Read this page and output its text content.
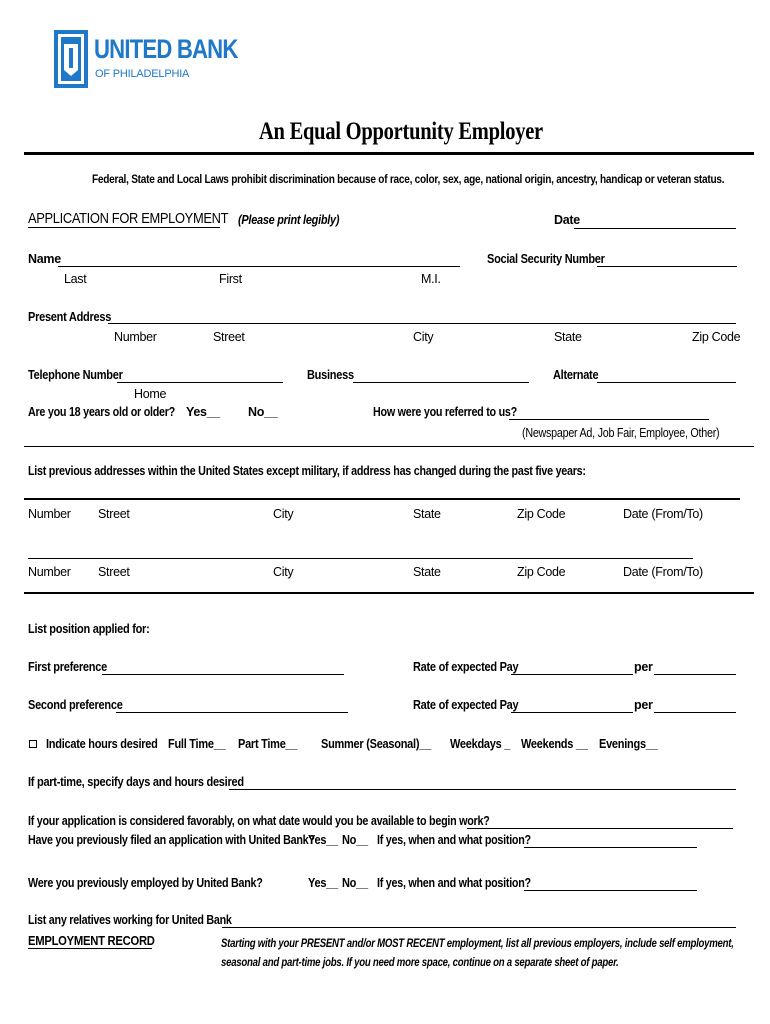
UNITED BANK
OF PHILADELPHIA
An Equal Opportunity Employer
Federal, State and Local Laws prohibit discrimination because of race, color, sex, age, national origin, ancestry, handicap or veteran status.
APPLICATION FOR EMPLOYMENT (Please print legibly)	Date
Name	Social Security Number
Last	First	M.I.
Present Address
Number	Street	City	State	Zip Code
Telephone Number
Home
Business	Alternate
Are you 18 years old or older? Yes__ No__	How were you referred to us?
(Newspaper Ad, Job Fair, Employee, Other)
List previous addresses within the United States except military, if address has changed during the past five years:
Number Street	City	State	Zip Code	Date (From/To)
Number Street	City	State	Zip Code	Date (From/To)
List position applied for:
First preference	Rate of expected Pay	per
Second preference	Rate of expected Pay	per
Indicate hours desired Full Time__ Part Time__ Summer (Seasonal)__ Weekdays _ Weekends __ Evenings__
If part-time, specify days and hours desired
If your application is considered favorably, on what date would you be available to begin work?
Have you previously filed an application with United Bank?
Yes__ No__ If yes, when and what position?
Were you previously employed by United Bank?	Yes__ No__ If yes, when and what position?
List any relatives working for United Bank
EMPLOYMENT RECORD	Starting with your PRESENT and/or MOST RECENT employment, list all previous employers, include self employment,
seasonal and part-time jobs. If you need more space, continue on a separate sheet of paper.
